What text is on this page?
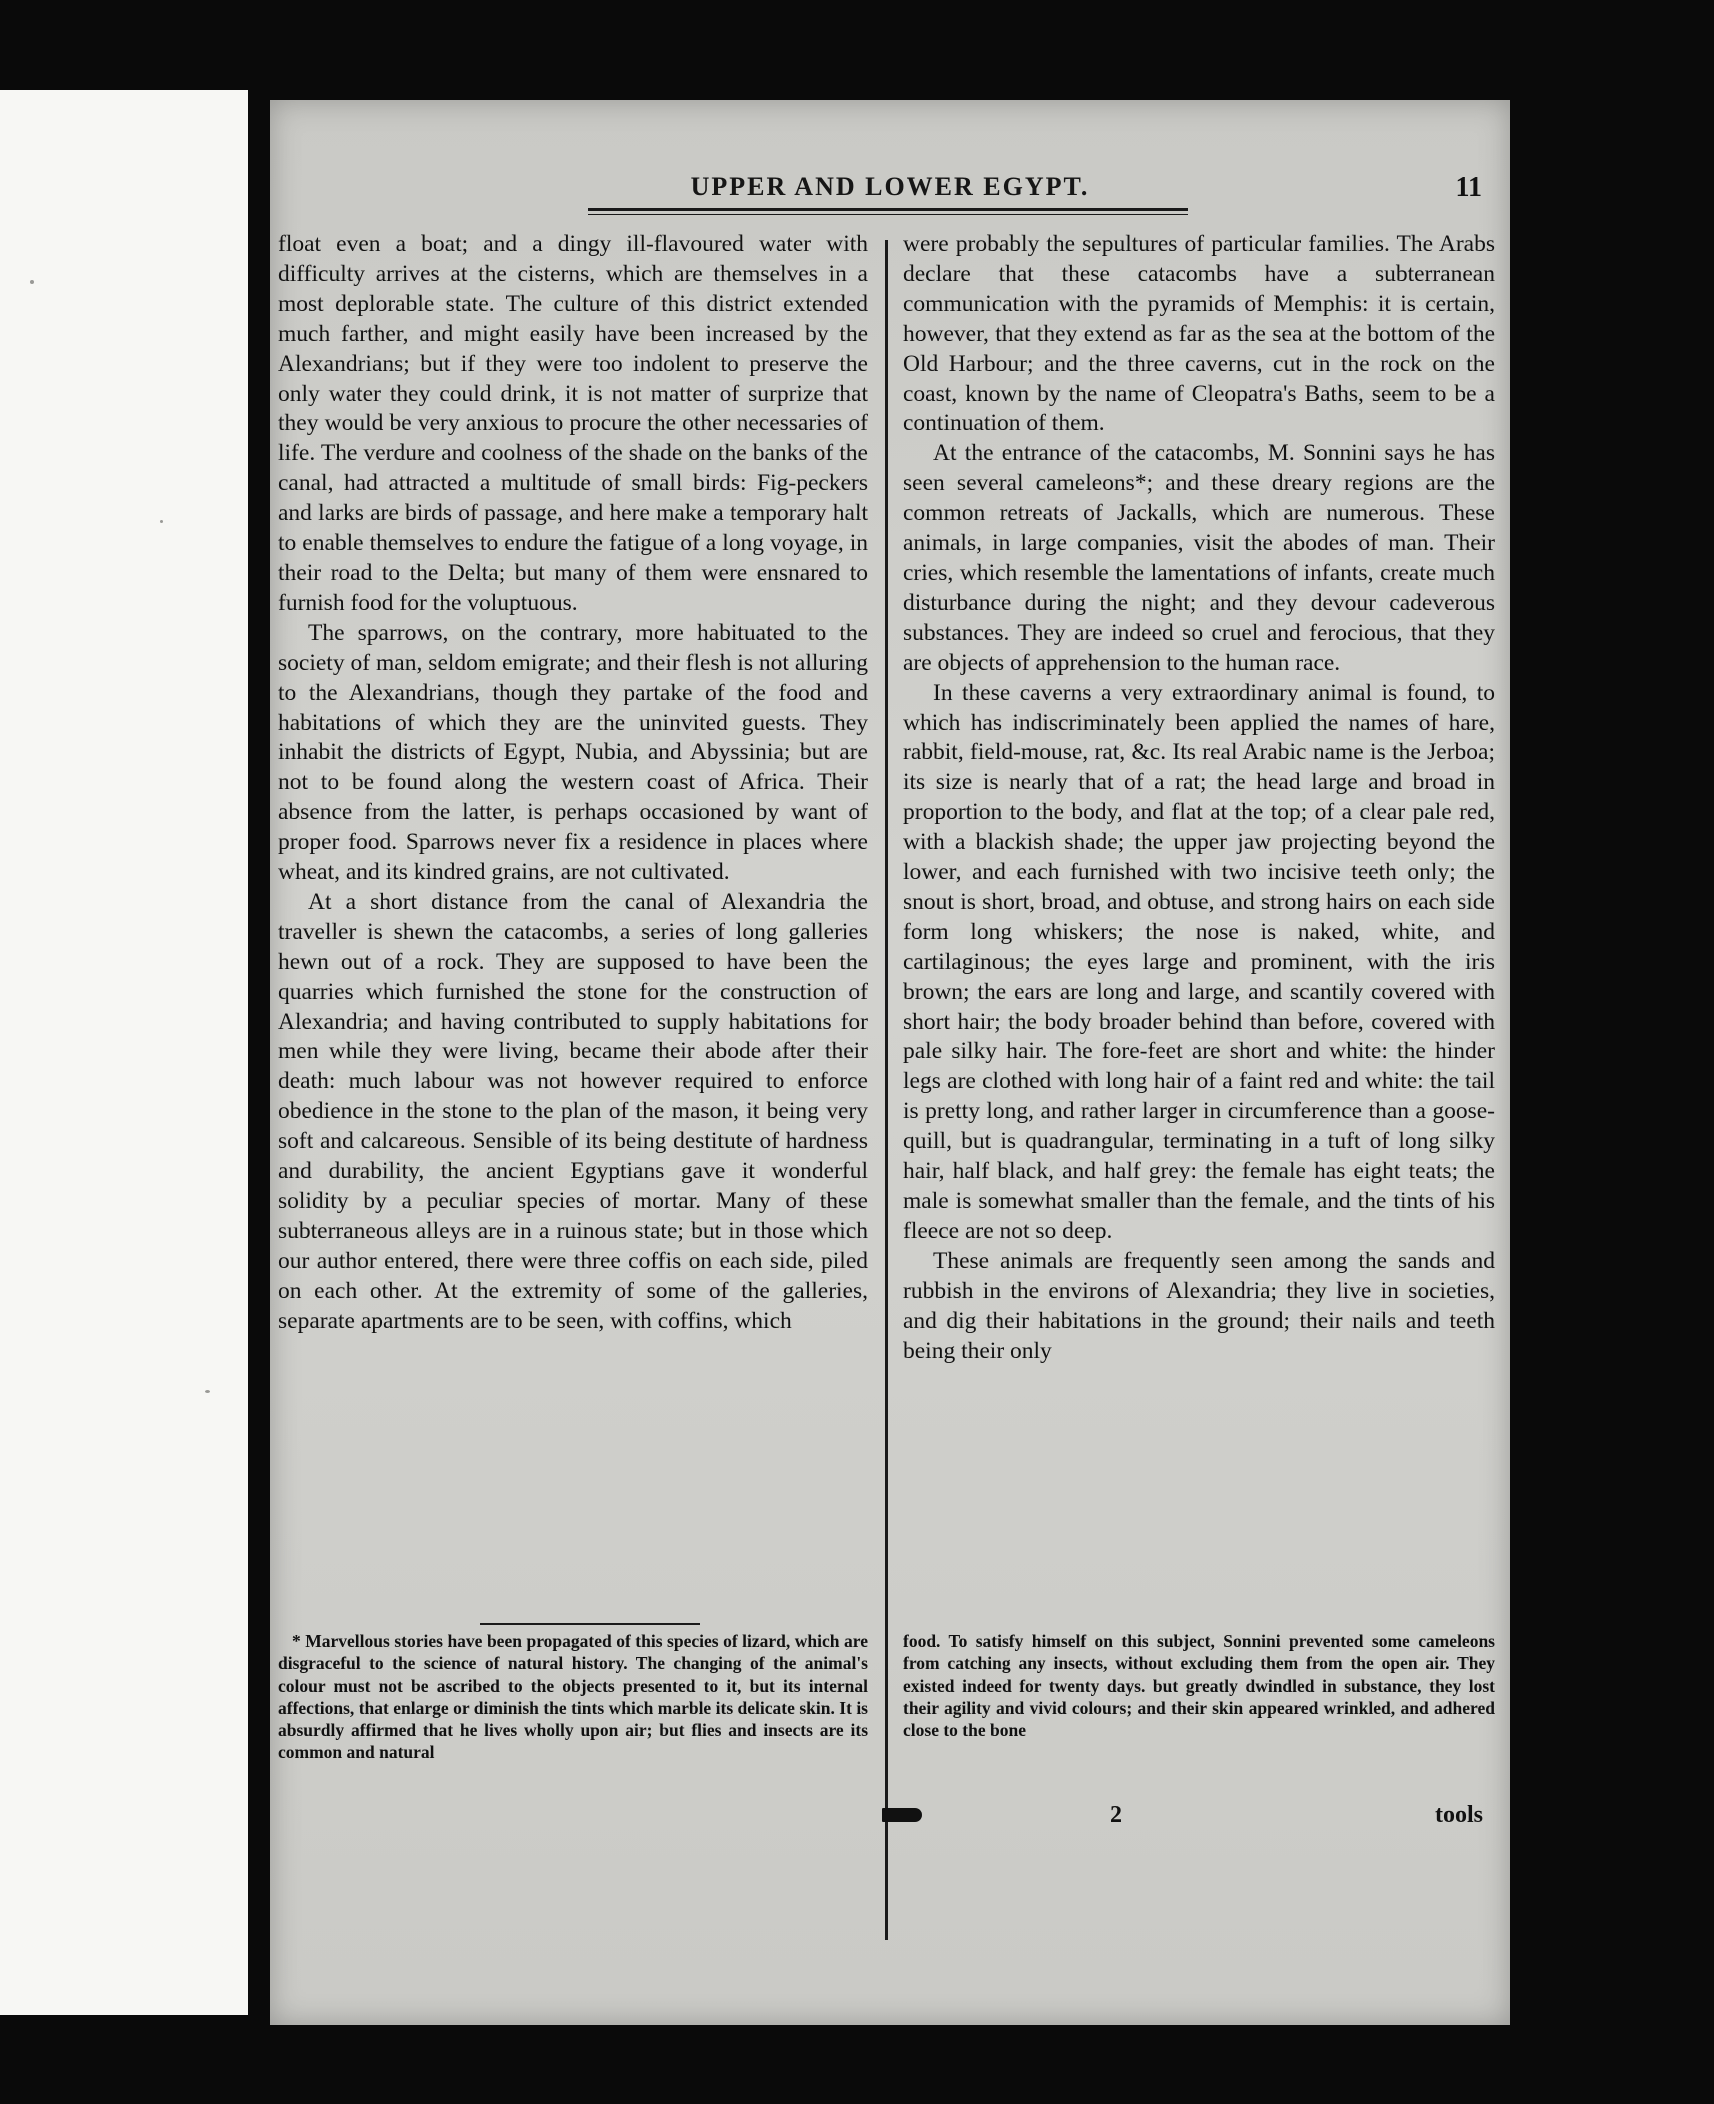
UPPER AND LOWER EGYPT.	11

float even a boat; and a dingy ill-flavoured water with difficulty arrives at the cisterns, which are themselves in a most deplorable state. The culture of this district extended much farther, and might easily have been increased by the Alexandrians; but if they were too indolent to preserve the only water they could drink, it is not matter of surprize that they would be very anxious to procure the other necessaries of life. The verdure and coolness of the shade on the banks of the canal, had attracted a multitude of small birds: Fig-peckers and larks are birds of passage, and here make a temporary halt to enable themselves to endure the fatigue of a long voyage, in their road to the Delta; but many of them were ensnared to furnish food for the voluptuous.

The sparrows, on the contrary, more habituated to the society of man, seldom emigrate; and their flesh is not alluring to the Alexandrians, though they partake of the food and habitations of which they are the uninvited guests. They inhabit the districts of Egypt, Nubia, and Abyssinia; but are not to be found along the western coast of Africa. Their absence from the latter, is perhaps occasioned by want of proper food. Sparrows never fix a residence in places where wheat, and its kindred grains, are not cultivated.

At a short distance from the canal of Alexandria the traveller is shewn the catacombs, a series of long galleries hewn out of a rock. They are supposed to have been the quarries which furnished the stone for the construction of Alexandria; and having contributed to supply habitations for men while they were living, became their abode after their death: much labour was not however required to enforce obedience in the stone to the plan of the mason, it being very soft and calcareous. Sensible of its being destitute of hardness and durability, the ancient Egyptians gave it wonderful solidity by a peculiar species of mortar. Many of these subterraneous alleys are in a ruinous state; but in those which our author entered, there were three coffis on each side, piled on each other. At the extremity of some of the galleries, separate apartments are to be seen, with coffins, which

were probably the sepultures of particular families. The Arabs declare that these catacombs have a subterranean communication with the pyramids of Memphis: it is certain, however, that they extend as far as the sea at the bottom of the Old Harbour; and the three caverns, cut in the rock on the coast, known by the name of Cleopatra's Baths, seem to be a continuation of them.

At the entrance of the catacombs, M. Sonnini says he has seen several cameleons*; and these dreary regions are the common retreats of Jackalls, which are numerous. These animals, in large companies, visit the abodes of man. Their cries, which resemble the lamentations of infants, create much disturbance during the night; and they devour cadeverous substances. They are indeed so cruel and ferocious, that they are objects of apprehension to the human race.

In these caverns a very extraordinary animal is found, to which has indiscriminately been applied the names of hare, rabbit, field-mouse, rat, &c. Its real Arabic name is the Jerboa; its size is nearly that of a rat; the head large and broad in proportion to the body, and flat at the top; of a clear pale red, with a blackish shade; the upper jaw projecting beyond the lower, and each furnished with two incisive teeth only; the snout is short, broad, and obtuse, and strong hairs on each side form long whiskers; the nose is naked, white, and cartilaginous; the eyes large and prominent, with the iris brown; the ears are long and large, and scantily covered with short hair; the body broader behind than before, covered with pale silky hair. The fore-feet are short and white: the hinder legs are clothed with long hair of a faint red and white: the tail is pretty long, and rather larger in circumference than a goose-quill, but is quadrangular, terminating in a tuft of long silky hair, half black, and half grey: the female has eight teats; the male is somewhat smaller than the female, and the tints of his fleece are not so deep.

These animals are frequently seen among the sands and rubbish in the environs of Alexandria; they live in societies, and dig their habitations in the ground; their nails and teeth being their only

* Marvellous stories have been propagated of this species of lizard, which are disgraceful to the science of natural history. The changing of the animal's colour must not be ascribed to the objects presented to it, but its internal affections, that enlarge or diminish the tints which marble its delicate skin. It is absurdly affirmed that he lives wholly upon air; but flies and insects are its common and natural

food. To satisfy himself on this subject, Sonnini prevented some cameleons from catching any insects, without excluding them from the open air. They existed indeed for twenty days. but greatly dwindled in substance, they lost their agility and vivid colours; and their skin appeared wrinkled, and adhered close to the bone

2	tools
